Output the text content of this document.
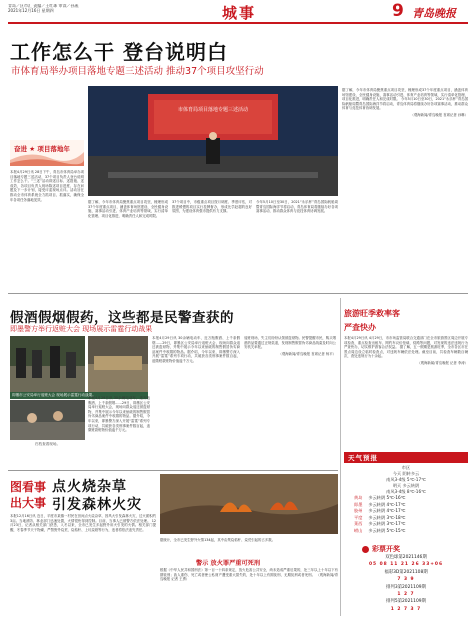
青岛／区市汇 责编／王红珠 审读／孙燕
2021年12月16日 星期四	城事	9 青岛晚报
工作怎么干 登台说明白
市体育局举办项目落地专题三述活动 推动37个项目攻坚行动
奋进 ★ 项目落地年
市体育局项目落地专题三述活动
本报4月29日讯 28日下午，青岛市体育局举办项目落地专题三述活动，37个项目负责人登台说明工作怎么干。“三述”活动即述目标、述措施、述成效，各项目负责人现场陈述项目进度、存在问题及下一步计划，接受评委现场点评。活动旨在推动全市体育系统全力抓项目、抓落实，确保全年各项任务落地见效。
据了解，今年市体育局聚焦重点项目攻坚，梳理形成37个年度重点项目，涵盖体育场馆建设、全民健身设施、赛事活动引进、体育产业培育等领域，实行清单化管理、项目化推进，明确责任人和完成时限。
37个项目中，市级重点项目按月调度、季度评估，对推进缓慢的项目实行挂牌督办，形成比学赶超的良好氛围，为建设体育强市提供有力支撑。
今年5月10日至30日，2021“永乐杯”青岛国际帆船周暨青岛国际海洋节将启动，青岛体育局将继续办好各项赛事活动，推动群众体育与竞技体育协调发展。
据了解，今年市体育局聚焦重点项目攻坚，梳理形成37个年度重点项目，涵盖体育场馆建设、全民健身设施、赛事活动引进、体育产业培育等领域，实行清单化管理、项目化推进，明确责任人和完成时限。 今年5月10日至30日，2021“永乐杯”青岛国际帆船周暨青岛国际海洋节将启动，青岛体育局将继续办好各项赛事活动，推动群众体育与竞技体育协调发展。
（观海新闻/青岛晚报 首席记者 孙琳）
假酒假烟假药，这些都是民警查获的
即墨警方举行返赃大会 现场展示雷霆行动战果
即墨市公安局举行返赃大会 现场展示雷霆行动战果。
归档查看现场。
本报4月29日讯 30余辆电动车、近万瓶假酒、上千条假烟……29日，即墨区公安局举行返赃大会，现场向群众返还被盗财物，并集中展示今年以来侦破的制售假冒伪劣商品案件中收缴的物品。据介绍，今年以来，即墨警方深入开展“雷霆”系列专项行动，共破获各类刑事案件数百起，追缴赃款赃物价值逾千万元。
本报4月29日讯 30余辆电动车、近万瓶假酒、上千条假烟……29日，即墨区公安局举行返赃大会，现场向群众返还被盗财物，并集中展示今年以来侦破的制售假冒伪劣商品案件中收缴的物品。据介绍，今年以来，即墨警方深入开展“雷霆”系列专项行动，共破获各类刑事案件数百起，追缴赃款赃物价值逾千万元。
返赃现场，失主们纷纷认领被盗财物。民警提醒市民，购买烟酒药品要通过正规渠道，发现制售假冒伪劣商品线索及时向公安机关举报。
（观海新闻/青岛晚报 首席记者 杨平）
旅游旺季救率客
严查快办
本报4月29日讯 4月29日，市市场监管局联合交通部门在全市旅游景区周边开展专项检查，重点检查出租车、网约车议价拒载、绕路等问题，对发现的违法违规行为严查快办，切实维护游客合法权益。 据了解，五一假期是旅游旺季，全市各区市在景点周边设立临时检查点，对违规车辆依法处理。截至目前，共检查车辆数百辆次，查处违规行为十余起。
（观海新闻/青岛晚报 记者 李涛）
天气预报
市区
今天 阴转多云
南风3-4级 5℃-17℃
明天 多云转阴
南风3-4级 8℃-16℃
黄岛 多云转阴 5℃-16℃
即墨 多云转阴 4℃-17℃
胶州 多云转阴 4℃-17℃
平度 多云转阴 3℃-18℃
莱西 多云转阴 3℃-17℃
崂山 多云转阴 5℃-15℃
彩票开奖
双色球第2021146期
05 08 11 21 26 33+06
福彩3D第2021108期
7 3 9
排列3第2021109期
1 2 7
排列5第2021109期
1 2 7 3 7
图看事
出大事
点火烧杂草
引发森林火灾
本报12月16日讯 近日，平度市某镇一村民在田间点火烧杂草，因风大引发森林火灾，过火面积约3亩。当地消防、林业部门迅速处置，火情很快得到控制。目前，当事人已被警方依法处理。 12月23日，记者从相关部门获悉，入冬以来，全市已发生多起野外用火引发的火情。相关部门提醒，冬春季节天干物燥，严禁野外烧荒、烧秸秆、上坟烧纸等行为，违者将依法追究责任。
据统计，全市已发生野外火情134起，其中由焚烧秸秆、烧荒引起的占多数。
警示 放火罪严重可死刑
根据《中华人民共和国刑法》第一百一十四条规定，放火危害公共安全，尚未造成严重后果的，处三年以上十年以下有期徒刑；致人重伤、死亡或者使公私财产遭受重大损失的，处十年以上有期徒刑、无期徒刑或者死刑。 （观海新闻/青岛晚报 记者 王勇）
